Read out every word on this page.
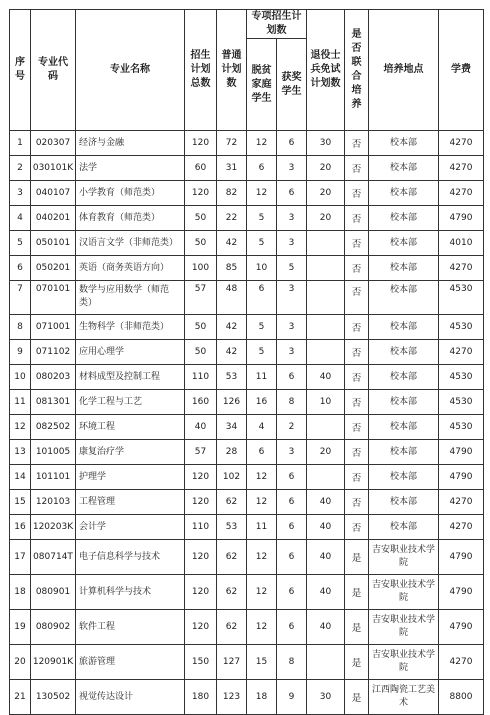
序号	专业代码	专业名称	招生计划总数	普通计划数	专项招生计划数		退役士兵免试计划数	是否联合培养	培养地点	学费

					脱贫家庭学生	获奖学生				

1	020307	经济与金融	120	72	12	6	30	否	校本部	4270
2	030101K	法学	60	31	6	3	20	否	校本部	4270
3	040107	小学教育（师范类）	120	82	12	6	20	否	校本部	4270
4	040201	体育教育（师范类）	50	22	5	3	20	否	校本部	4790
5	050101	汉语言文学（非师范类）	50	42	5	3		否	校本部	4010
6	050201	英语（商务英语方向）	100	85	10	5		否	校本部	4270
7	070101	数学与应用数学（师范类）	57	48	6	3		否	校本部	4530
8	071001	生物科学（非师范类）	50	42	5	3		否	校本部	4530
9	071102	应用心理学	50	42	5	3		否	校本部	4270
10	080203	材料成型及控制工程	110	53	11	6	40	否	校本部	4530
11	081301	化学工程与工艺	160	126	16	8	10	否	校本部	4530
12	082502	环境工程	40	34	4	2		否	校本部	4530
13	101005	康复治疗学	57	28	6	3	20	否	校本部	4790
14	101101	护理学	120	102	12	6		否	校本部	4790
15	120103	工程管理	120	62	12	6	40	否	校本部	4270
16	120203K	会计学	110	53	11	6	40	否	校本部	4270
17	080714T	电子信息科学与技术	120	62	12	6	40	是	吉安职业技术学院	4790
18	080901	计算机科学与技术	120	62	12	6	40	是	吉安职业技术学院	4790
19	080902	软件工程	120	62	12	6	40	是	吉安职业技术学院	4790
20	120901K	旅游管理	150	127	15	8		是	吉安职业技术学院	4270
21	130502	视觉传达设计	180	123	18	9	30	是	江西陶瓷工艺美术	8800
